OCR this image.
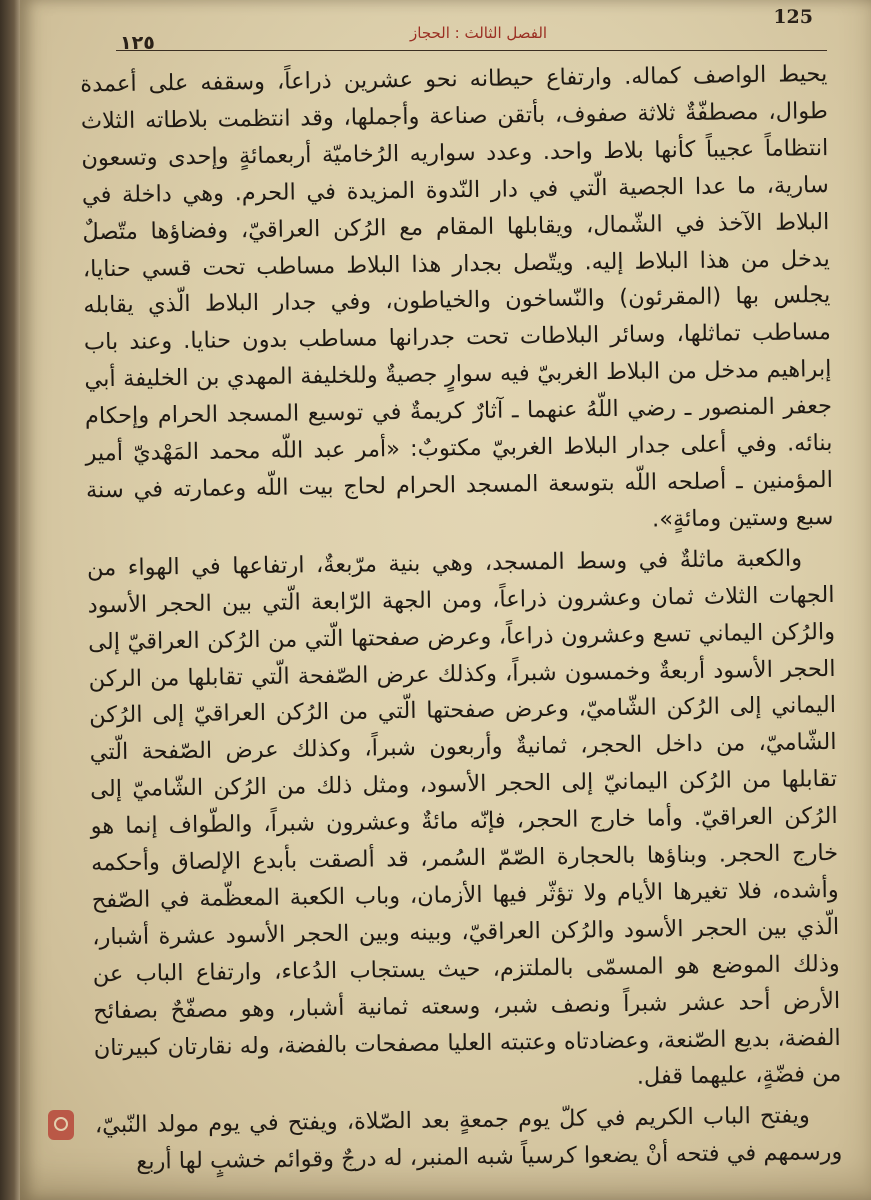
125
الفصل الثالث : الحجاز
١٢٥

يحيط الواصف كماله. وارتفاع حيطانه نحو عشرين ذراعاً، وسقفه على أعمدة طوال، مصطفّةٌ ثلاثة صفوف، بأتقن صناعة وأجملها، وقد انتظمت بلاطاته الثلاث انتظاماً عجيباً كأنها بلاط واحد. وعدد سواريه الرُخاميّة أربعمائةٍ وإحدى وتسعون سارية، ما عدا الجصية الّتي في دار النّدوة المزيدة في الحرم. وهي داخلة في البلاط الآخذ في الشّمال، ويقابلها المقام مع الرُكن العراقيّ، وفضاؤها متّصلٌ يدخل من هذا البلاط إليه. ويتّصل بجدار هذا البلاط مساطب تحت قسي حنايا، يجلس بها (المقرئون) والنّساخون والخياطون، وفي جدار البلاط الّذي يقابله مساطب تماثلها، وسائر البلاطات تحت جدرانها مساطب بدون حنايا. وعند باب إبراهيم مدخل من البلاط الغربيّ فيه سوارٍ جصيةٌ وللخليفة المهدي بن الخليفة أبي جعفر المنصور ـ رضي اللّهُ عنهما ـ آثارٌ كريمةٌ في توسيع المسجد الحرام وإحكام بنائه. وفي أعلى جدار البلاط الغربيّ مكتوبٌ: «أمر عبد اللّه محمد المَهْديّ أمير المؤمنين ـ أصلحه اللّه بتوسعة المسجد الحرام لحاج بيت اللّه وعمارته في سنة سبع وستين ومائةٍ».

والكعبة ماثلةٌ في وسط المسجد، وهي بنية مرّبعةٌ، ارتفاعها في الهواء من الجهات الثلاث ثمان وعشرون ذراعاً، ومن الجهة الرّابعة الّتي بين الحجر الأسود والرُكن اليماني تسع وعشرون ذراعاً، وعرض صفحتها الّتي من الرُكن العراقيّ إلى الحجر الأسود أربعةٌ وخمسون شبراً، وكذلك عرض الصّفحة الّتي تقابلها من الركن اليماني إلى الرُكن الشّاميّ، وعرض صفحتها الّتي من الرُكن العراقيّ إلى الرُكن الشّاميّ، من داخل الحجر، ثمانيةٌ وأربعون شبراً، وكذلك عرض الصّفحة الّتي تقابلها من الرُكن اليمانيّ إلى الحجر الأسود، ومثل ذلك من الرُكن الشّاميّ إلى الرُكن العراقيّ. وأما خارج الحجر، فإنّه مائةٌ وعشرون شبراً، والطّواف إنما هو خارج الحجر. وبناؤها بالحجارة الصّمّ السُمر، قد ألصقت بأبدع الإلصاق وأحكمه وأشده، فلا تغيرها الأيام ولا تؤثّر فيها الأزمان، وباب الكعبة المعظّمة في الصّفح الّذي بين الحجر الأسود والرُكن العراقيّ، وبينه وبين الحجر الأسود عشرة أشبار، وذلك الموضع هو المسمّى بالملتزم، حيث يستجاب الدُعاء، وارتفاع الباب عن الأرض أحد عشر شبراً ونصف شبر، وسعته ثمانية أشبار، وهو مصفّحٌ بصفائح الفضة، بديع الصّنعة، وعضادتاه وعتبته العليا مصفحات بالفضة، وله نقارتان كبيرتان من فضّةٍ، عليهما قفل.

ويفتح الباب الكريم في كلّ يوم جمعةٍ بعد الصّلاة، ويفتح في يوم مولد النّبيّ، ورسمهم في فتحه أنْ يضعوا كرسياً شبه المنبر، له درجٌ وقوائم خشبٍ لها أربع
